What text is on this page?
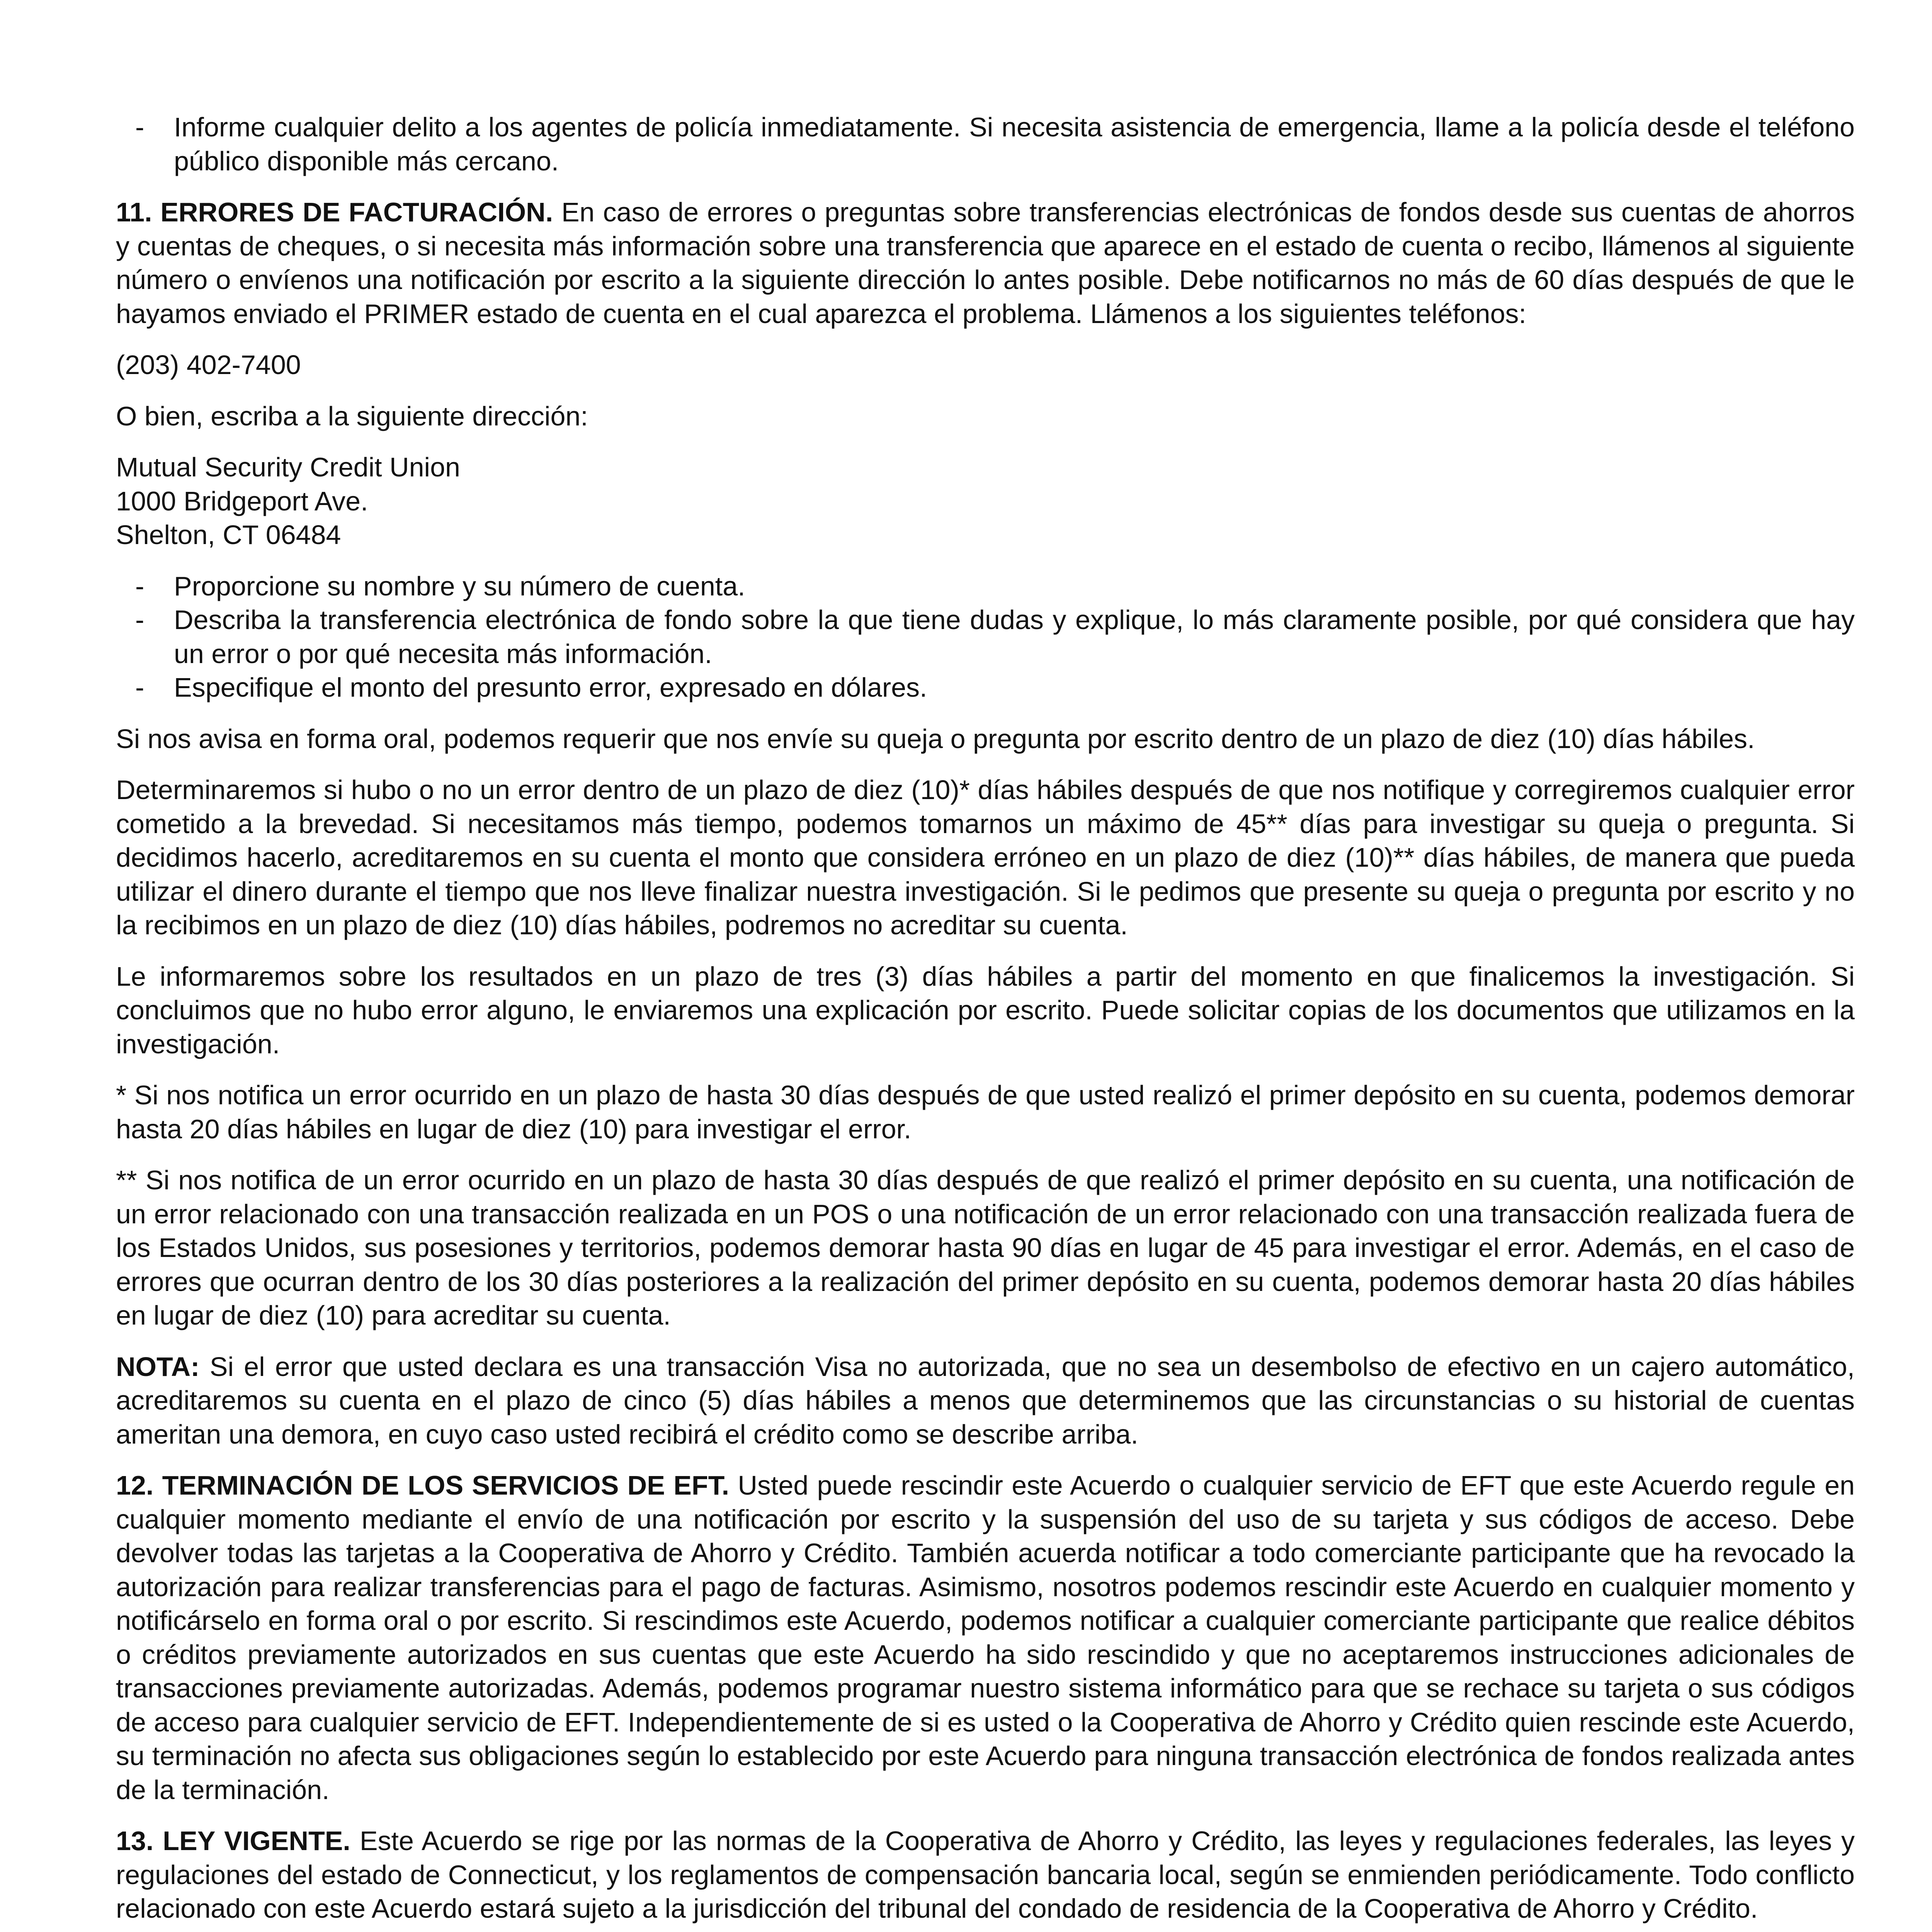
- Informe cualquier delito a los agentes de policía inmediatamente. Si necesita asistencia de emergencia, llame a la policía desde el teléfono público disponible más cercano.

11. ERRORES DE FACTURACIÓN. En caso de errores o preguntas sobre transferencias electrónicas de fondos desde sus cuentas de ahorros y cuentas de cheques, o si necesita más información sobre una transferencia que aparece en el estado de cuenta o recibo, llámenos al siguiente número o envíenos una notificación por escrito a la siguiente dirección lo antes posible. Debe notificarnos no más de 60 días después de que le hayamos enviado el PRIMER estado de cuenta en el cual aparezca el problema. Llámenos a los siguientes teléfonos:

(203) 402-7400

O bien, escriba a la siguiente dirección:

Mutual Security Credit Union
1000 Bridgeport Ave.
Shelton, CT 06484
- Proporcione su nombre y su número de cuenta.
- Describa la transferencia electrónica de fondo sobre la que tiene dudas y explique, lo más claramente posible, por qué considera que hay un error o por qué necesita más información.
- Especifique el monto del presunto error, expresado en dólares.

Si nos avisa en forma oral, podemos requerir que nos envíe su queja o pregunta por escrito dentro de un plazo de diez (10) días hábiles.

Determinaremos si hubo o no un error dentro de un plazo de diez (10)* días hábiles después de que nos notifique y corregiremos cualquier error cometido a la brevedad. Si necesitamos más tiempo, podemos tomarnos un máximo de 45** días para investigar su queja o pregunta. Si decidimos hacerlo, acreditaremos en su cuenta el monto que considera erróneo en un plazo de diez (10)** días hábiles, de manera que pueda utilizar el dinero durante el tiempo que nos lleve finalizar nuestra investigación. Si le pedimos que presente su queja o pregunta por escrito y no la recibimos en un plazo de diez (10) días hábiles, podremos no acreditar su cuenta.

Le informaremos sobre los resultados en un plazo de tres (3) días hábiles a partir del momento en que finalicemos la investigación. Si concluimos que no hubo error alguno, le enviaremos una explicación por escrito. Puede solicitar copias de los documentos que utilizamos en la investigación.

* Si nos notifica un error ocurrido en un plazo de hasta 30 días después de que usted realizó el primer depósito en su cuenta, podemos demorar hasta 20 días hábiles en lugar de diez (10) para investigar el error.

** Si nos notifica de un error ocurrido en un plazo de hasta 30 días después de que realizó el primer depósito en su cuenta, una notificación de un error relacionado con una transacción realizada en un POS o una notificación de un error relacionado con una transacción realizada fuera de los Estados Unidos, sus posesiones y territorios, podemos demorar hasta 90 días en lugar de 45 para investigar el error. Además, en el caso de errores que ocurran dentro de los 30 días posteriores a la realización del primer depósito en su cuenta, podemos demorar hasta 20 días hábiles en lugar de diez (10) para acreditar su cuenta.

NOTA: Si el error que usted declara es una transacción Visa no autorizada, que no sea un desembolso de efectivo en un cajero automático, acreditaremos su cuenta en el plazo de cinco (5) días hábiles a menos que determinemos que las circunstancias o su historial de cuentas ameritan una demora, en cuyo caso usted recibirá el crédito como se describe arriba.

12. TERMINACIÓN DE LOS SERVICIOS DE EFT. Usted puede rescindir este Acuerdo o cualquier servicio de EFT que este Acuerdo regule en cualquier momento mediante el envío de una notificación por escrito y la suspensión del uso de su tarjeta y sus códigos de acceso. Debe devolver todas las tarjetas a la Cooperativa de Ahorro y Crédito. También acuerda notificar a todo comerciante participante que ha revocado la autorización para realizar transferencias para el pago de facturas. Asimismo, nosotros podemos rescindir este Acuerdo en cualquier momento y notificárselo en forma oral o por escrito. Si rescindimos este Acuerdo, podemos notificar a cualquier comerciante participante que realice débitos o créditos previamente autorizados en sus cuentas que este Acuerdo ha sido rescindido y que no aceptaremos instrucciones adicionales de transacciones previamente autorizadas. Además, podemos programar nuestro sistema informático para que se rechace su tarjeta o sus códigos de acceso para cualquier servicio de EFT. Independientemente de si es usted o la Cooperativa de Ahorro y Crédito quien rescinde este Acuerdo, su terminación no afecta sus obligaciones según lo establecido por este Acuerdo para ninguna transacción electrónica de fondos realizada antes de la terminación.

13. LEY VIGENTE. Este Acuerdo se rige por las normas de la Cooperativa de Ahorro y Crédito, las leyes y regulaciones federales, las leyes y regulaciones del estado de Connecticut, y los reglamentos de compensación bancaria local, según se enmienden periódicamente. Todo conflicto relacionado con este Acuerdo estará sujeto a la jurisdicción del tribunal del condado de residencia de la Cooperativa de Ahorro y Crédito.
